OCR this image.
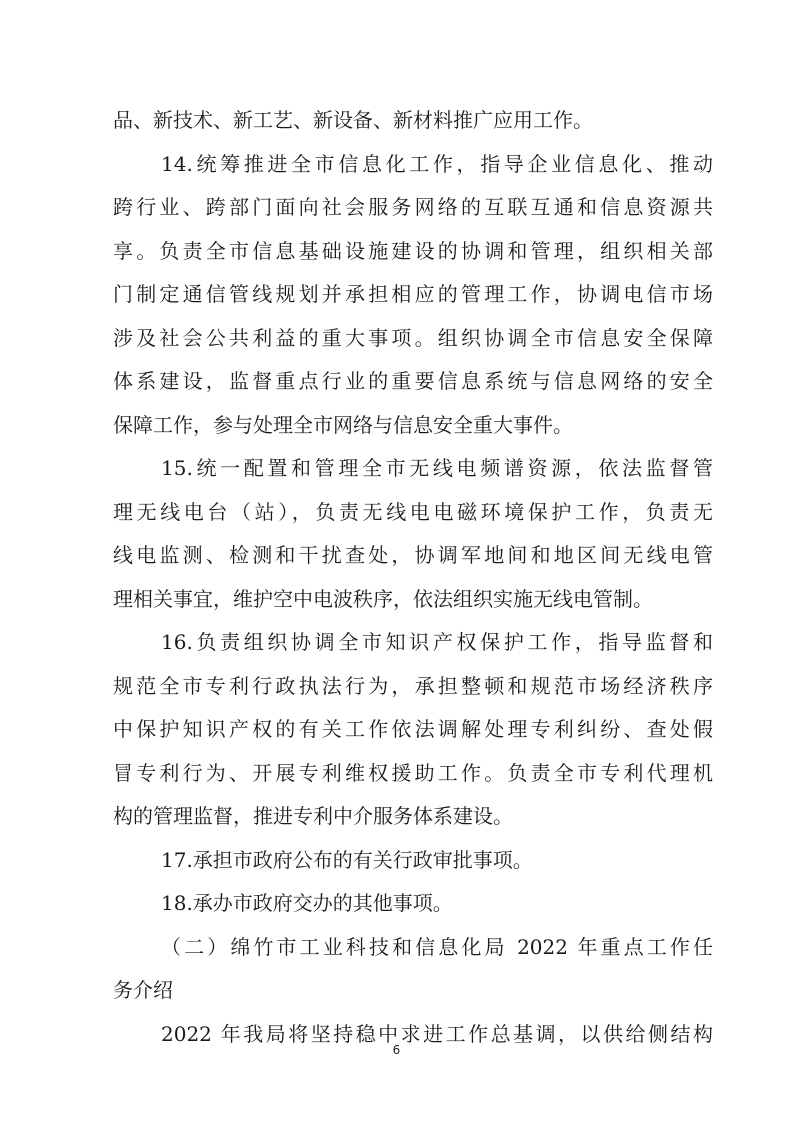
品、新技术、新工艺、新设备、新材料推广应用工作。
14.统筹推进全市信息化工作，指导企业信息化、推动
跨行业、跨部门面向社会服务网络的互联互通和信息资源共
享。负责全市信息基础设施建设的协调和管理，组织相关部
门制定通信管线规划并承担相应的管理工作，协调电信市场
涉及社会公共利益的重大事项。组织协调全市信息安全保障
体系建设，监督重点行业的重要信息系统与信息网络的安全
保障工作，参与处理全市网络与信息安全重大事件。
15.统一配置和管理全市无线电频谱资源，依法监督管
理无线电台（站），负责无线电电磁环境保护工作，负责无
线电监测、检测和干扰查处，协调军地间和地区间无线电管
理相关事宜，维护空中电波秩序，依法组织实施无线电管制。
16.负责组织协调全市知识产权保护工作，指导监督和
规范全市专利行政执法行为，承担整顿和规范市场经济秩序
中保护知识产权的有关工作依法调解处理专利纠纷、查处假
冒专利行为、开展专利维权援助工作。负责全市专利代理机
构的管理监督，推进专利中介服务体系建设。
17.承担市政府公布的有关行政审批事项。
18.承办市政府交办的其他事项。
（二）绵竹市工业科技和信息化局 2022 年重点工作任
务介绍
2022 年我局将坚持稳中求进工作总基调，以供给侧结构
6
